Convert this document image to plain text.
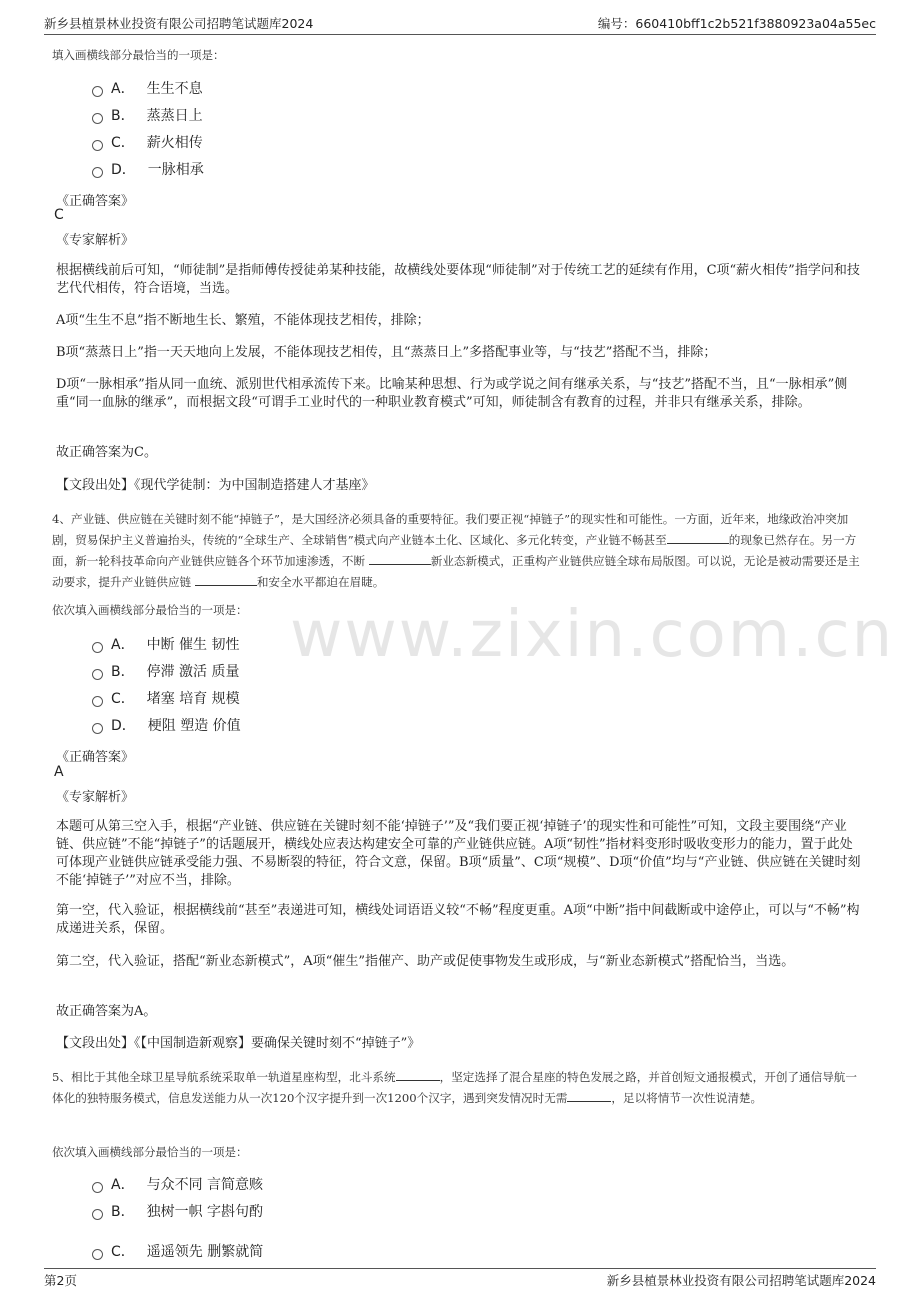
新乡县植景林业投资有限公司招聘笔试题库2024	编号：660410bff1c2b521f3880923a04a55ec
www.zixin.com.cn
填入画横线部分最恰当的一项是：
A． 生生不息
B． 蒸蒸日上
C． 薪火相传
D． 一脉相承
《正确答案》
C
《专家解析》
根据横线前后可知，“师徒制”是指师傅传授徒弟某种技能，故横线处要体现“师徒制”对于传统工艺的延续有作用，C项“薪火相传”指学问和技艺代代相传，符合语境，当选。
A项“生生不息”指不断地生长、繁殖，不能体现技艺相传，排除；
B项“蒸蒸日上”指一天天地向上发展，不能体现技艺相传，且“蒸蒸日上”多搭配事业等，与“技艺”搭配不当，排除；
D项“一脉相承”指从同一血统、派别世代相承流传下来。比喻某种思想、行为或学说之间有继承关系，与“技艺”搭配不当，且“一脉相承”侧重“同一血脉的继承”，而根据文段“可谓手工业时代的一种职业教育模式”可知，师徒制含有教育的过程，并非只有继承关系，排除。
故正确答案为C。
【文段出处】《现代学徒制：为中国制造搭建人才基座》
4、产业链、供应链在关键时刻不能“掉链子”，是大国经济必须具备的重要特征。我们要正视“掉链子”的现实性和可能性。一方面，近年来，地缘政治冲突加剧，贸易保护主义普遍抬头，传统的“全球生产、全球销售”模式向产业链本土化、区域化、多元化转变，产业链不畅甚至	的现象已然存在。另一方面，新一轮科技革命向产业链供应链各个环节加速渗透，不断	新业态新模式，正重构产业链供应链全球布局版图。可以说，无论是被动需要还是主动要求，提升产业链供应链	和安全水平都迫在眉睫。
依次填入画横线部分最恰当的一项是：
A． 中断 催生 韧性
B． 停滞 激活 质量
C． 堵塞 培育 规模
D． 梗阻 塑造 价值
《正确答案》
A
《专家解析》
本题可从第三空入手，根据“产业链、供应链在关键时刻不能‘掉链子’”及“我们要正视‘掉链子’的现实性和可能性”可知，文段主要围绕“产业链、供应链”不能“掉链子”的话题展开，横线处应表达构建安全可靠的产业链供应链。A项“韧性”指材料变形时吸收变形力的能力，置于此处可体现产业链供应链承受能力强、不易断裂的特征，符合文意，保留。B项“质量”、C项“规模”、D项“价值”均与“产业链、供应链在关键时刻不能‘掉链子’”对应不当，排除。
第一空，代入验证，根据横线前“甚至”表递进可知，横线处词语语义较“不畅”程度更重。A项“中断”指中间截断或中途停止，可以与“不畅”构成递进关系，保留。
第二空，代入验证，搭配“新业态新模式”，A项“催生”指催产、助产或促使事物发生或形成，与“新业态新模式”搭配恰当，当选。
故正确答案为A。
【文段出处】《【中国制造新观察】要确保关键时刻不“掉链子”》
5、相比于其他全球卫星导航系统采取单一轨道星座构型，北斗系统	，坚定选择了混合星座的特色发展之路，并首创短文通报模式，开创了通信导航一体化的独特服务模式，信息发送能力从一次120个汉字提升到一次1200个汉字，遇到突发情况时无需	，足以将情节一次性说清楚。
依次填入画横线部分最恰当的一项是：
A． 与众不同 言简意赅
B． 独树一帜 字斟句酌
C． 遥遥领先 删繁就简
第2页	新乡县植景林业投资有限公司招聘笔试题库2024
